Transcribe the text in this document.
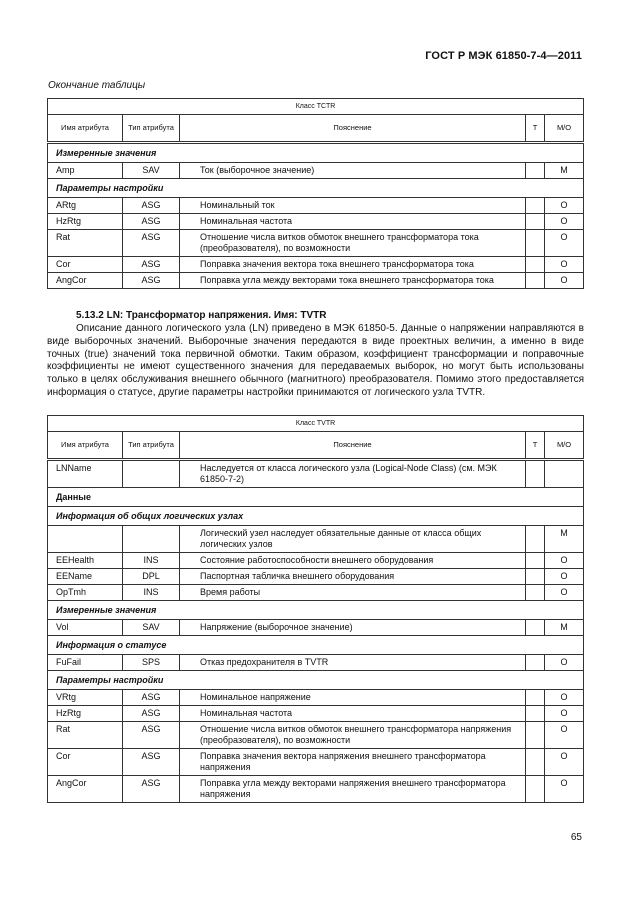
ГОСТ Р МЭК 61850-7-4—2011
Окончание таблицы
Класс TCTR				
Имя атрибута	Тип атрибута	Пояснение	T	M/O
Измеренные значения				
Amp	SAV	Ток (выборочное значение)		M
Параметры настройки				
ARtg	ASG	Номинальный ток		O
HzRtg	ASG	Номинальная частота		O
Rat	ASG	Отношение числа витков обмоток внешнего трансформатора тока (преобразователя), по возможности		O
Cor	ASG	Поправка значения вектора тока внешнего трансформатора тока		O
AngCor	ASG	Поправка угла между векторами тока внешнего трансформатора тока		O
5.13.2 LN: Трансформатор напряжения. Имя: TVTR

Описание данного логического узла (LN) приведено в МЭК 61850-5. Данные о напряжении направляются в виде выборочных значений. Выборочные значения передаются в виде проектных величин, а именно в виде точных (true) значений тока первичной обмотки. Таким образом, коэффициент трансформации и поправочные коэффициенты не имеют существенного значения для передаваемых выборок, но могут быть использованы только в целях обслуживания внешнего обычного (магнитного) преобразователя. Помимо этого предоставляется информация о статусе, другие параметры настройки принимаются от логического узла TVTR.

Класс TVTR				
Имя атрибута	Тип атрибута	Пояснение	T	M/O
LNName		Наследуется от класса логического узла (Logical-Node Class) (см. МЭК 61850-7-2)		
Данные				
Информация об общих логических узлах				
		Логический узел наследует обязательные данные от класса общих логических узлов		M
EEHealth	INS	Состояние работоспособности внешнего оборудования		O
EEName	DPL	Паспортная табличка внешнего оборудования		O
OpTmh	INS	Время работы		O
Измеренные значения				
Vol	SAV	Напряжение (выборочное значение)		M
Информация о статусе				
FuFail	SPS	Отказ предохранителя в TVTR		O
Параметры настройки				
VRtg	ASG	Номинальное напряжение		O
HzRtg	ASG	Номинальная частота		O
Rat	ASG	Отношение числа витков обмоток внешнего трансформатора напряжения (преобразователя), по возможности		O
Cor	ASG	Поправка значения вектора напряжения внешнего трансформатора напряжения		O
AngCor	ASG	Поправка угла между векторами напряжения внешнего трансформатора напряжения		O
65
